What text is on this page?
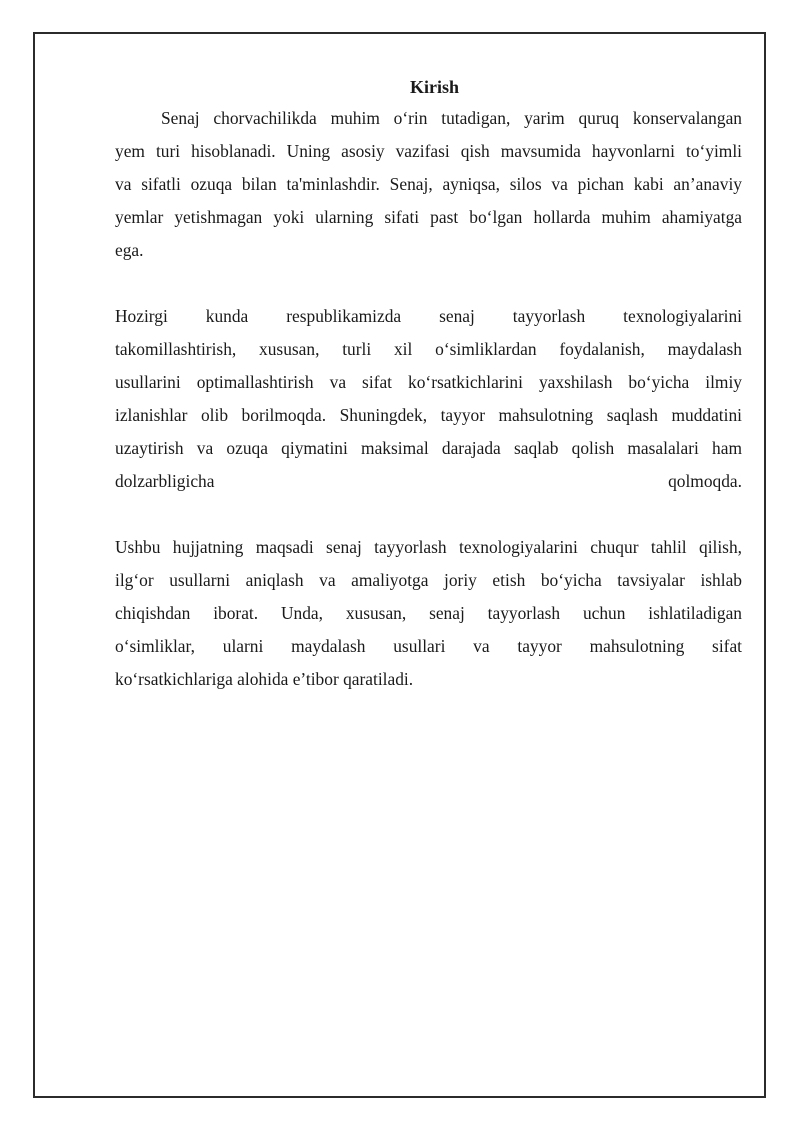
Kirish
Senaj chorvachilikda muhim o‘rin tutadigan, yarim quruq konservalangan
yem turi hisoblanadi. Uning asosiy vazifasi qish mavsumida hayvonlarni to‘yimli
va sifatli ozuqa bilan ta'minlashdir. Senaj, ayniqsa, silos va pichan kabi an’anaviy
yemlar yetishmagan yoki ularning sifati past bo‘lgan hollarda muhim ahamiyatga
ega.
Hozirgi kunda respublikamizda senaj tayyorlash texnologiyalarini
takomillashtirish, xususan, turli xil o‘simliklardan foydalanish, maydalash
usullarini optimallashtirish va sifat ko‘rsatkichlarini yaxshilash bo‘yicha ilmiy
izlanishlar olib borilmoqda. Shuningdek, tayyor mahsulotning saqlash muddatini
uzaytirish va ozuqa qiymatini maksimal darajada saqlab qolish masalalari ham
dolzarbligicha qolmoqda.
Ushbu hujjatning maqsadi senaj tayyorlash texnologiyalarini chuqur tahlil qilish,
ilg‘or usullarni aniqlash va amaliyotga joriy etish bo‘yicha tavsiyalar ishlab
chiqishdan iborat. Unda, xususan, senaj tayyorlash uchun ishlatiladigan
o‘simliklar, ularni maydalash usullari va tayyor mahsulotning sifat
ko‘rsatkichlariga alohida e’tibor qaratiladi.
